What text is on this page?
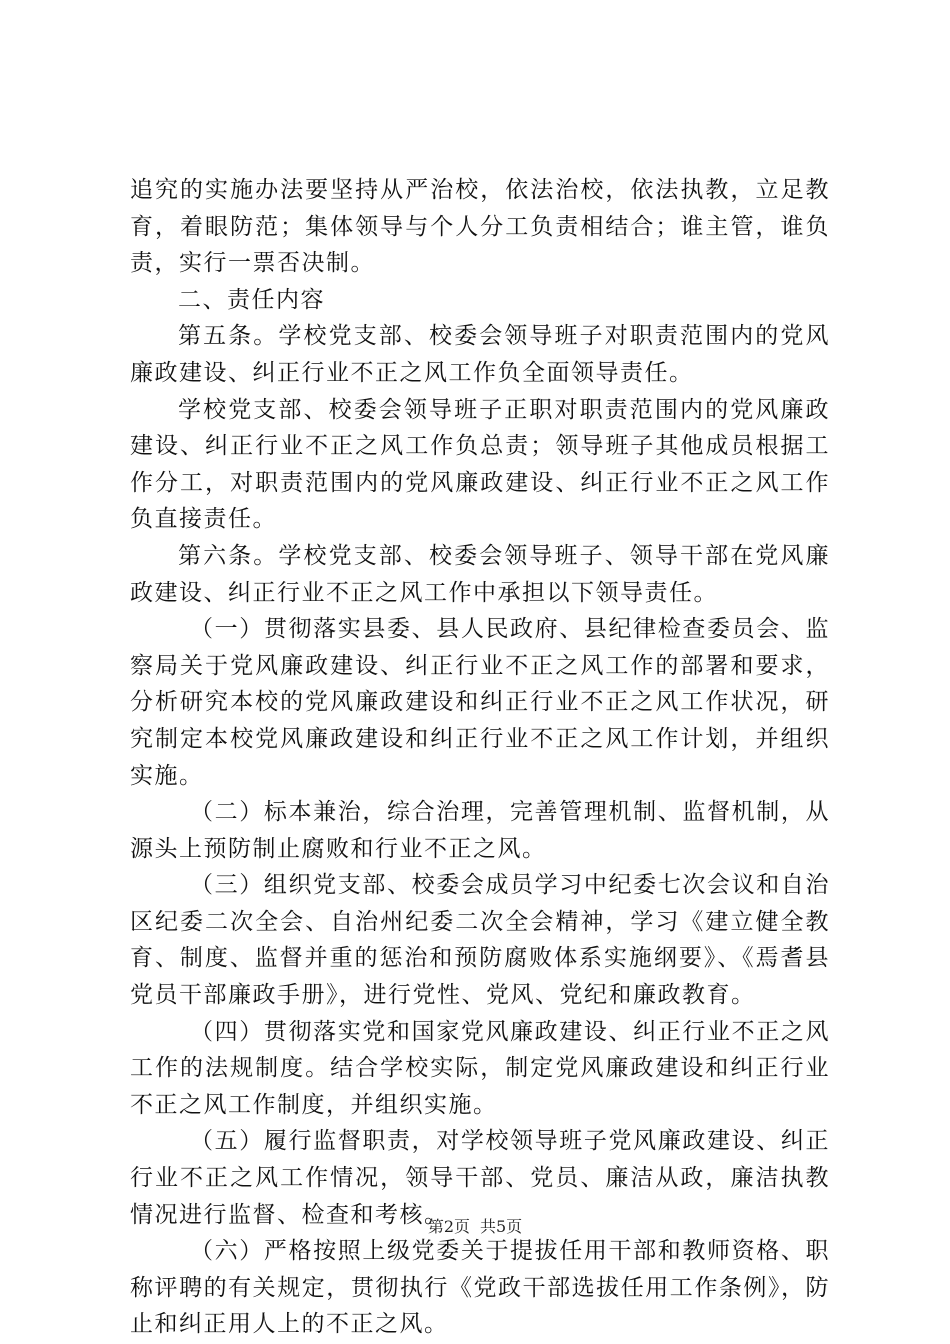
追究的实施办法要坚持从严治校，依法治校，依法执教，立足教育，着眼防范；集体领导与个人分工负责相结合；谁主管，谁负责，实行一票否决制。

二、责任内容

第五条。学校党支部、校委会领导班子对职责范围内的党风廉政建设、纠正行业不正之风工作负全面领导责任。

学校党支部、校委会领导班子正职对职责范围内的党风廉政建设、纠正行业不正之风工作负总责；领导班子其他成员根据工作分工，对职责范围内的党风廉政建设、纠正行业不正之风工作负直接责任。

第六条。学校党支部、校委会领导班子、领导干部在党风廉政建设、纠正行业不正之风工作中承担以下领导责任。

（一）贯彻落实县委、县人民政府、县纪律检查委员会、监察局关于党风廉政建设、纠正行业不正之风工作的部署和要求，分析研究本校的党风廉政建设和纠正行业不正之风工作状况，研究制定本校党风廉政建设和纠正行业不正之风工作计划，并组织实施。

（二）标本兼治，综合治理，完善管理机制、监督机制，从源头上预防制止腐败和行业不正之风。

（三）组织党支部、校委会成员学习中纪委七次会议和自治区纪委二次全会、自治州纪委二次全会精神，学习《建立健全教育、制度、监督并重的惩治和预防腐败体系实施纲要》、《焉耆县党员干部廉政手册》，进行党性、党风、党纪和廉政教育。

（四）贯彻落实党和国家党风廉政建设、纠正行业不正之风工作的法规制度。结合学校实际，制定党风廉政建设和纠正行业不正之风工作制度，并组织实施。

（五）履行监督职责，对学校领导班子党风廉政建设、纠正行业不正之风工作情况，领导干部、党员、廉洁从政，廉洁执教情况进行监督、检查和考核。

（六）严格按照上级党委关于提拔任用干部和教师资格、职称评聘的有关规定，贯彻执行《党政干部选拔任用工作条例》，防止和纠正用人上的不正之风。

第2页 共5页
